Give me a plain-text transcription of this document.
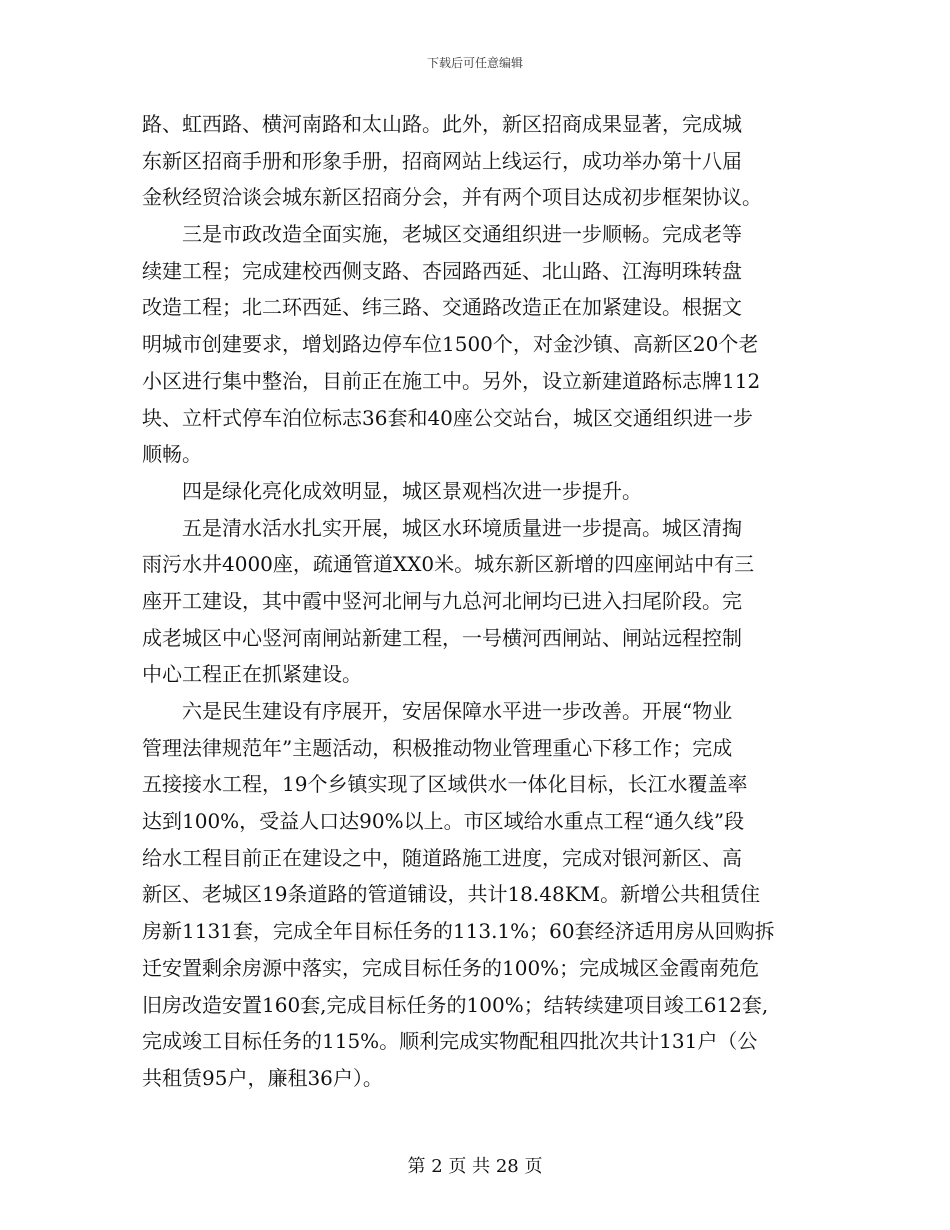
下载后可任意编辑
路、虹西路、横河南路和太山路。此外，新区招商成果显著，完成城
东新区招商手册和形象手册，招商网站上线运行，成功举办第十八届
金秋经贸洽谈会城东新区招商分会，并有两个项目达成初步框架协议。
三是市政改造全面实施，老城区交通组织进一步顺畅。完成老等
续建工程；完成建校西侧支路、杏园路西延、北山路、江海明珠转盘
改造工程；北二环西延、纬三路、交通路改造正在加紧建设。根据文
明城市创建要求，增划路边停车位1500个，对金沙镇、高新区20个老
小区进行集中整治，目前正在施工中。另外，设立新建道路标志牌112
块、立杆式停车泊位标志36套和40座公交站台，城区交通组织进一步
顺畅。
四是绿化亮化成效明显，城区景观档次进一步提升。
五是清水活水扎实开展，城区水环境质量进一步提高。城区清掏
雨污水井4000座，疏通管道XX0米。城东新区新增的四座闸站中有三
座开工建设，其中霞中竖河北闸与九总河北闸均已进入扫尾阶段。完
成老城区中心竖河南闸站新建工程，一号横河西闸站、闸站远程控制
中心工程正在抓紧建设。
六是民生建设有序展开，安居保障水平进一步改善。开展“物业
管理法律规范年”主题活动，积极推动物业管理重心下移工作；完成
五接接水工程，19个乡镇实现了区域供水一体化目标，长江水覆盖率
达到100%，受益人口达90%以上。市区域给水重点工程“通久线”段
给水工程目前正在建设之中，随道路施工进度，完成对银河新区、高
新区、老城区19条道路的管道铺设，共计18.48KM。新增公共租赁住
房新1131套，完成全年目标任务的113.1%；60套经济适用房从回购拆
迁安置剩余房源中落实，完成目标任务的100%；完成城区金霞南苑危
旧房改造安置160套,完成目标任务的100%；结转续建项目竣工612套,
完成竣工目标任务的115%。顺利完成实物配租四批次共计131户（公
共租赁95户，廉租36户）。
第 2 页 共 28 页
